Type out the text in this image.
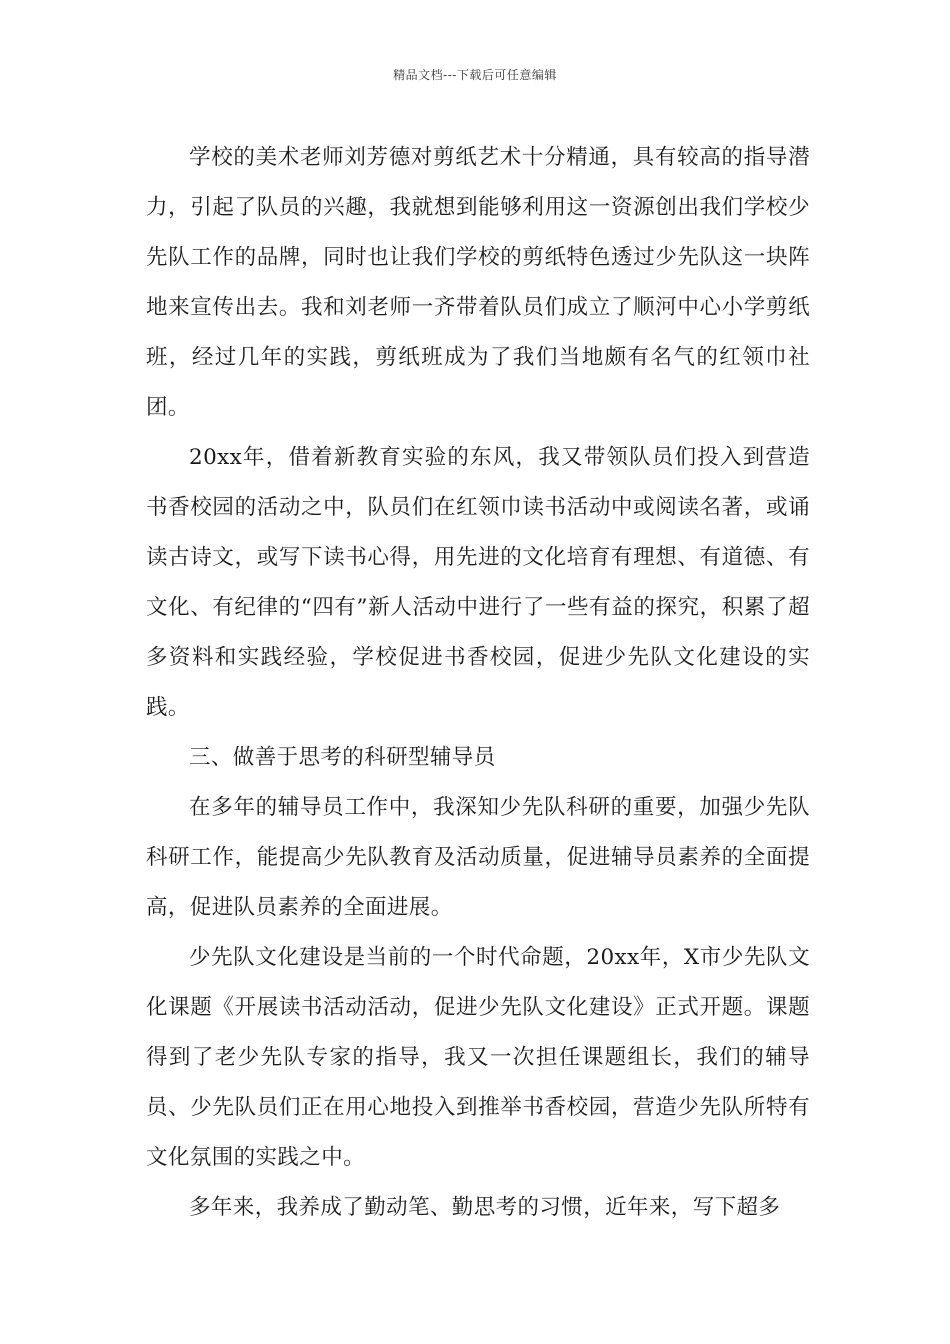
精品文档---下载后可任意编辑

学校的美术老师刘芳德对剪纸艺术十分精通，具有较高的指导潜力，引起了队员的兴趣，我就想到能够利用这一资源创出我们学校少先队工作的品牌，同时也让我们学校的剪纸特色透过少先队这一块阵地来宣传出去。我和刘老师一齐带着队员们成立了顺河中心小学剪纸班，经过几年的实践，剪纸班成为了我们当地颇有名气的红领巾社团。

20xx年，借着新教育实验的东风，我又带领队员们投入到营造书香校园的活动之中，队员们在红领巾读书活动中或阅读名著，或诵读古诗文，或写下读书心得，用先进的文化培育有理想、有道德、有文化、有纪律的“四有”新人活动中进行了一些有益的探究，积累了超多资料和实践经验，学校促进书香校园，促进少先队文化建设的实践。

三、做善于思考的科研型辅导员

在多年的辅导员工作中，我深知少先队科研的重要，加强少先队科研工作，能提高少先队教育及活动质量，促进辅导员素养的全面提高，促进队员素养的全面进展。

少先队文化建设是当前的一个时代命题，20xx年，X市少先队文化课题《开展读书活动活动，促进少先队文化建设》正式开题。课题得到了老少先队专家的指导，我又一次担任课题组长，我们的辅导员、少先队员们正在用心地投入到推举书香校园，营造少先队所特有文化氛围的实践之中。

多年来，我养成了勤动笔、勤思考的习惯，近年来，写下超多
